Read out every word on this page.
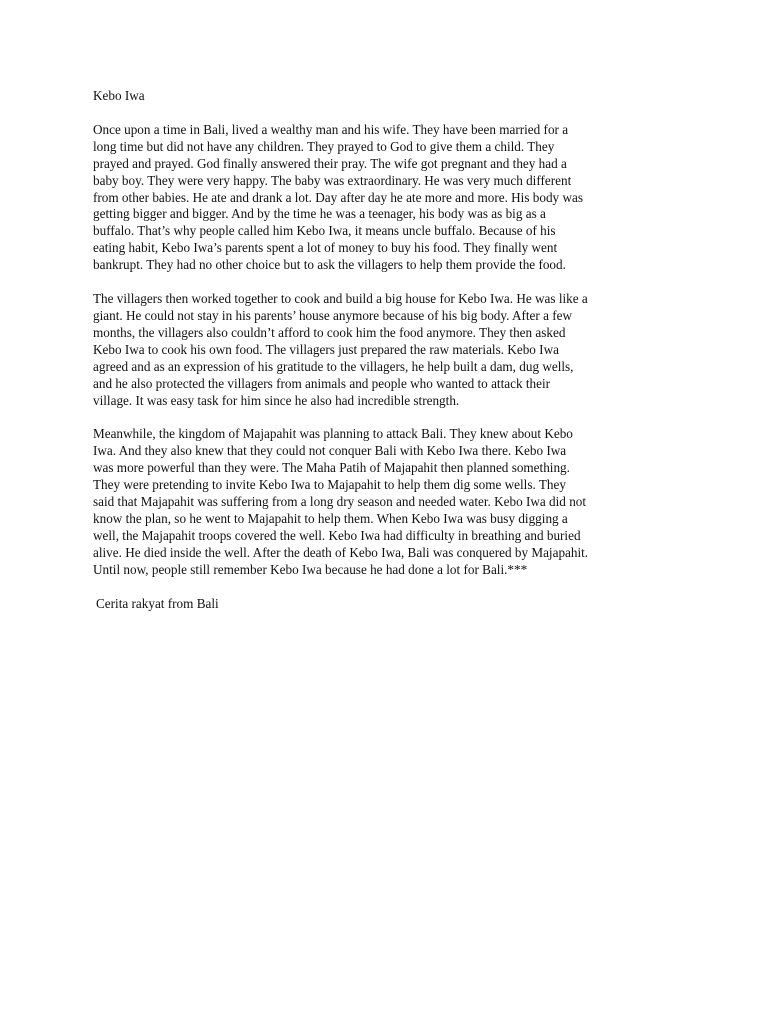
Kebo Iwa

Once upon a time in Bali, lived a wealthy man and his wife. They have been married for a
long time but did not have any children. They prayed to God to give them a child. They
prayed and prayed. God finally answered their pray. The wife got pregnant and they had a
baby boy. They were very happy. The baby was extraordinary. He was very much different
from other babies. He ate and drank a lot. Day after day he ate more and more. His body was
getting bigger and bigger. And by the time he was a teenager, his body was as big as a
buffalo. That’s why people called him Kebo Iwa, it means uncle buffalo. Because of his
eating habit, Kebo Iwa’s parents spent a lot of money to buy his food. They finally went
bankrupt. They had no other choice but to ask the villagers to help them provide the food.

The villagers then worked together to cook and build a big house for Kebo Iwa. He was like a
giant. He could not stay in his parents’ house anymore because of his big body. After a few
months, the villagers also couldn’t afford to cook him the food anymore. They then asked
Kebo Iwa to cook his own food. The villagers just prepared the raw materials. Kebo Iwa
agreed and as an expression of his gratitude to the villagers, he help built a dam, dug wells,
and he also protected the villagers from animals and people who wanted to attack their
village. It was easy task for him since he also had incredible strength.

Meanwhile, the kingdom of Majapahit was planning to attack Bali. They knew about Kebo
Iwa. And they also knew that they could not conquer Bali with Kebo Iwa there. Kebo Iwa
was more powerful than they were. The Maha Patih of Majapahit then planned something.
They were pretending to invite Kebo Iwa to Majapahit to help them dig some wells. They
said that Majapahit was suffering from a long dry season and needed water. Kebo Iwa did not
know the plan, so he went to Majapahit to help them. When Kebo Iwa was busy digging a
well, the Majapahit troops covered the well. Kebo Iwa had difficulty in breathing and buried
alive. He died inside the well. After the death of Kebo Iwa, Bali was conquered by Majapahit.
Until now, people still remember Kebo Iwa because he had done a lot for Bali.***

Cerita rakyat from Bali
